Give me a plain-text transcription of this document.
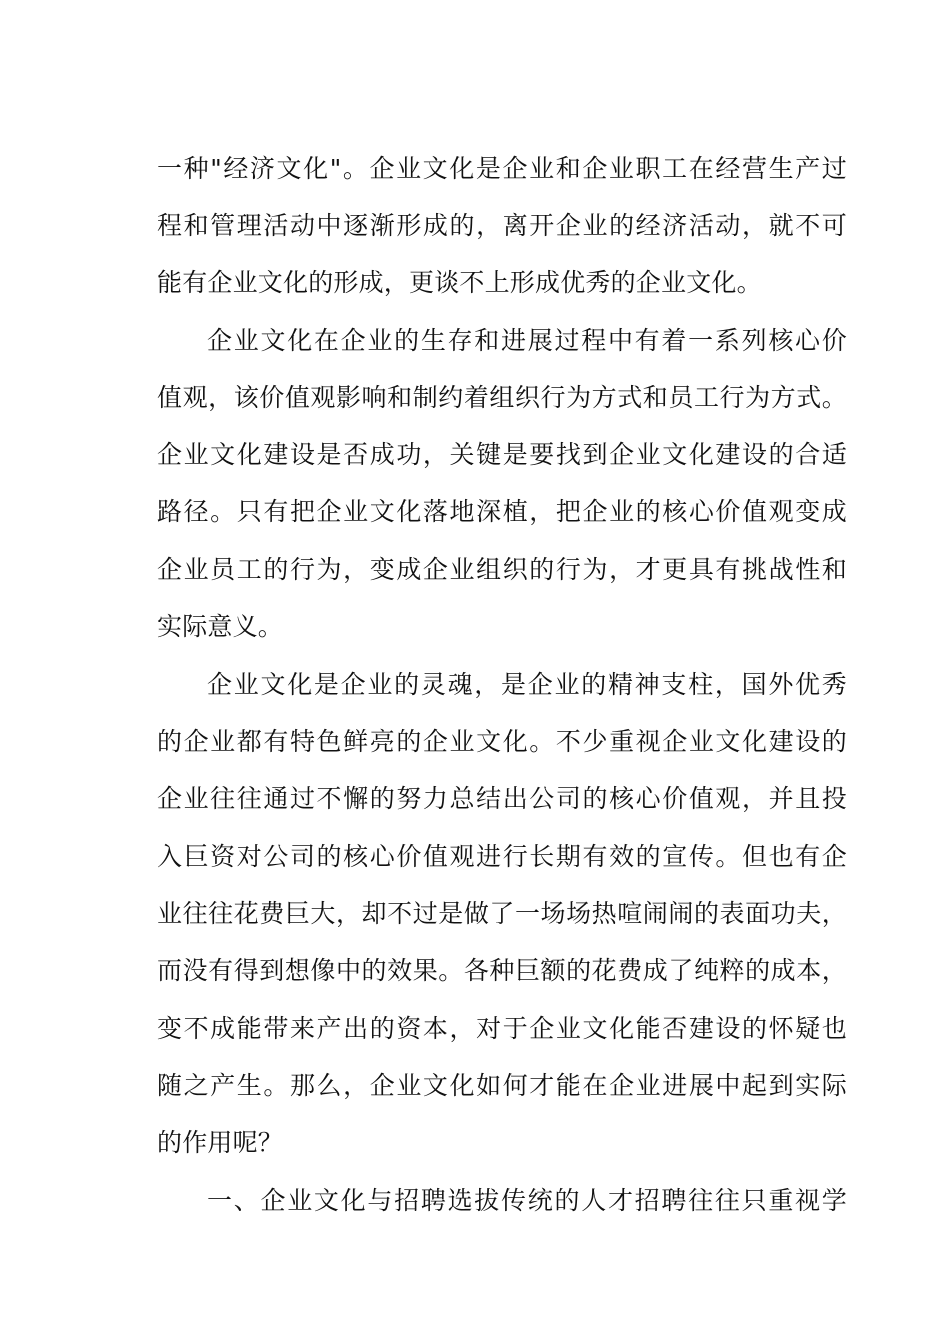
一种"经济文化"。企业文化是企业和企业职工在经营生产过
程和管理活动中逐渐形成的，离开企业的经济活动，就不可
能有企业文化的形成，更谈不上形成优秀的企业文化。
企业文化在企业的生存和进展过程中有着一系列核心价
值观，该价值观影响和制约着组织行为方式和员工行为方式。
企业文化建设是否成功，关键是要找到企业文化建设的合适
路径。只有把企业文化落地深植，把企业的核心价值观变成
企业员工的行为，变成企业组织的行为，才更具有挑战性和
实际意义。
企业文化是企业的灵魂，是企业的精神支柱，国外优秀
的企业都有特色鲜亮的企业文化。不少重视企业文化建设的
企业往往通过不懈的努力总结出公司的核心价值观，并且投
入巨资对公司的核心价值观进行长期有效的宣传。但也有企
业往往花费巨大，却不过是做了一场场热喧闹闹的表面功夫，
而没有得到想像中的效果。各种巨额的花费成了纯粹的成本，
变不成能带来产出的资本，对于企业文化能否建设的怀疑也
随之产生。那么，企业文化如何才能在企业进展中起到实际
的作用呢？
一、企业文化与招聘选拔传统的人才招聘往往只重视学
